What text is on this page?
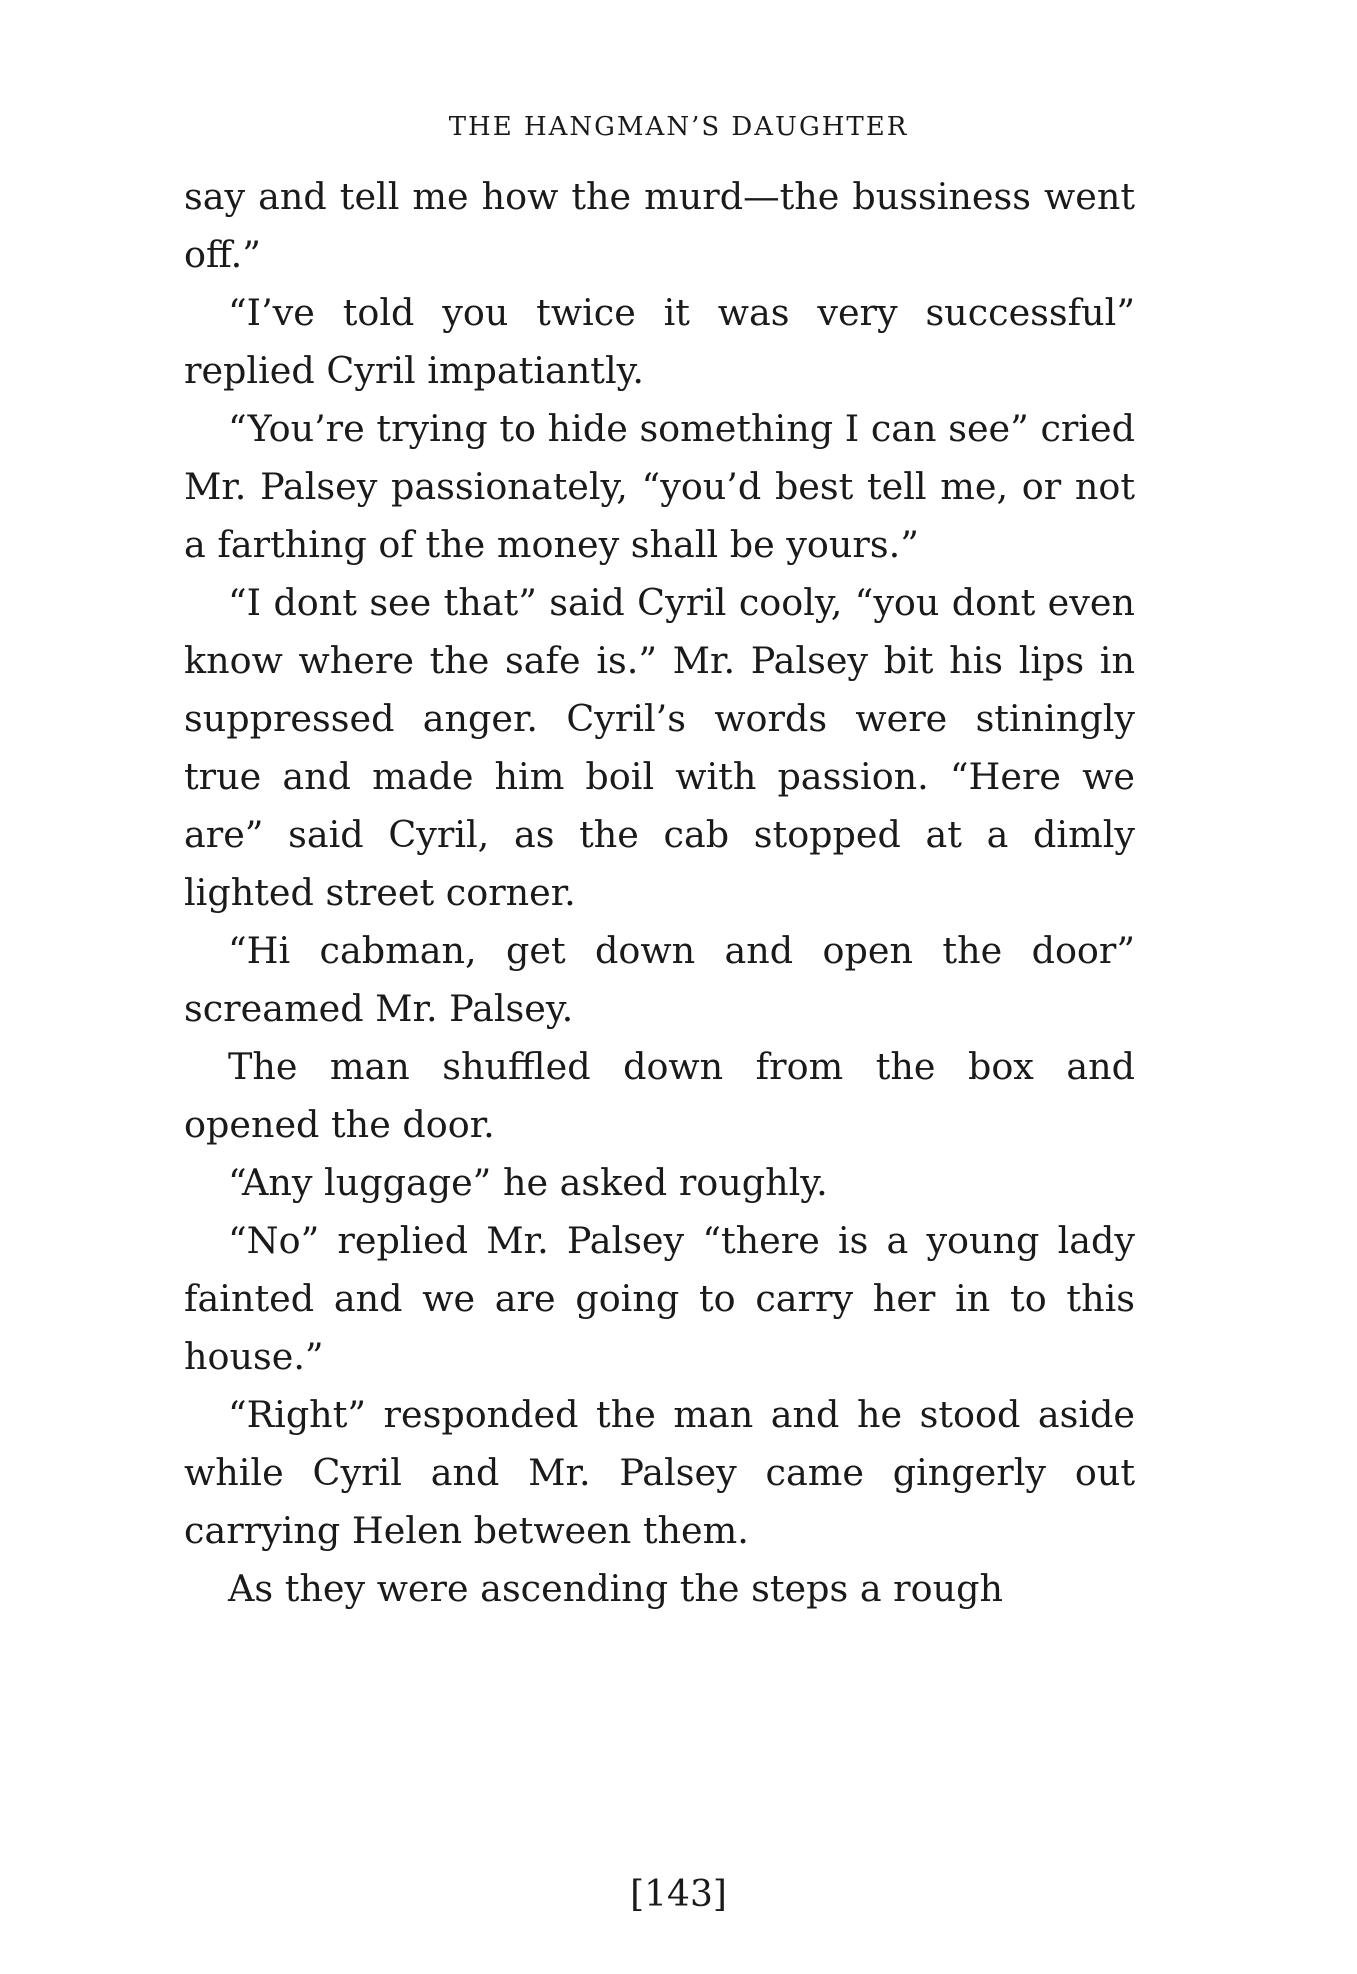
THE HANGMAN’S DAUGHTER

say and tell me how the murd—the bussiness went off.”

“I’ve told you twice it was very successful” replied Cyril impatiantly.

“You’re trying to hide something I can see” cried Mr. Palsey passionately, “you’d best tell me, or not a farthing of the money shall be yours.”

“I dont see that” said Cyril cooly, “you dont even know where the safe is.” Mr. Palsey bit his lips in suppressed anger. Cyril’s words were stiningly true and made him boil with passion. “Here we are” said Cyril, as the cab stopped at a dimly lighted street corner.

“Hi cabman, get down and open the door” screamed Mr. Palsey.

The man shuffled down from the box and opened the door.

“Any luggage” he asked roughly.

“No” replied Mr. Palsey “there is a young lady fainted and we are going to carry her in to this house.”

“Right” responded the man and he stood aside while Cyril and Mr. Palsey came gingerly out carrying Helen between them.

As they were ascending the steps a rough

[143]
